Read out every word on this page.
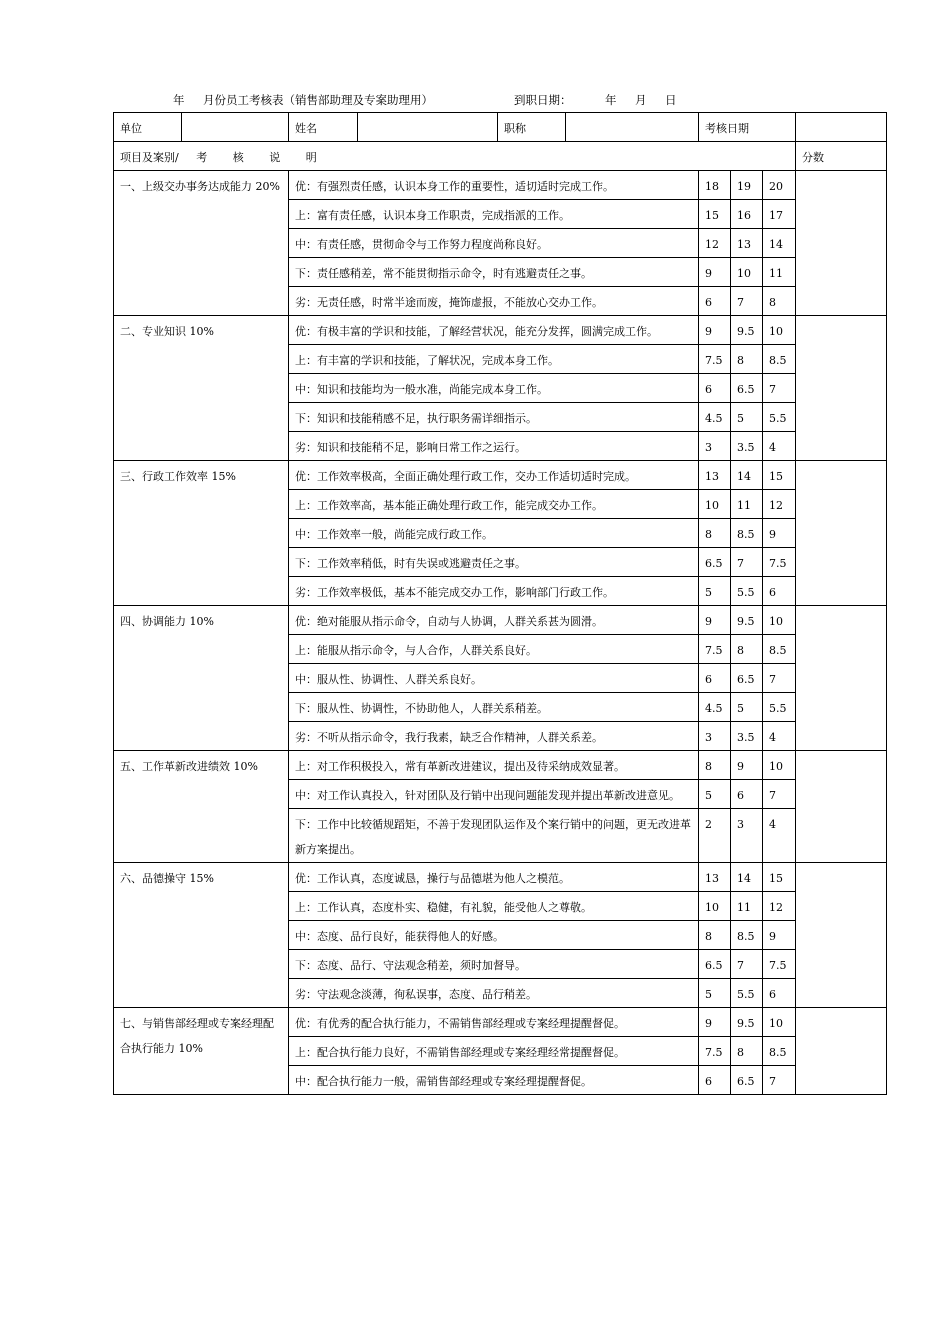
年

月份员工考核表（销售部助理及专案助理用）

	到职日期：

	年

月

日

单位		姓名		职称		考核日期			
项目及案别/ 考 核 说 明									分数
一、上级交办事务达成能力 20%		优：有强烈责任感，认识本身工作的重要性，适切适时完成工作。				18	19	20	
		上：富有责任感，认识本身工作职责，完成指派的工作。				15	16	17	
		中：有责任感，贯彻命令与工作努力程度尚称良好。				12	13	14	
		下：责任感稍差，常不能贯彻指示命令，时有逃避责任之事。				9	10	11	
		劣：无责任感，时常半途而废，掩饰虚报，不能放心交办工作。				6	7	8	
二、专业知识 10%		优：有极丰富的学识和技能，了解经营状况，能充分发挥，圆满完成工作。				9	9.5	10	
		上：有丰富的学识和技能，了解状况，完成本身工作。				7.5	8	8.5	
		中：知识和技能均为一般水准，尚能完成本身工作。				6	6.5	7	
		下：知识和技能稍感不足，执行职务需详细指示。				4.5	5	5.5	
		劣：知识和技能稍不足，影响日常工作之运行。				3	3.5	4	
三、行政工作效率 15%		优：工作效率极高，全面正确处理行政工作，交办工作适切适时完成。				13	14	15	
		上：工作效率高，基本能正确处理行政工作，能完成交办工作。				10	11	12	
		中：工作效率一般，尚能完成行政工作。				8	8.5	9	
		下：工作效率稍低，时有失误或逃避责任之事。				6.5	7	7.5	
		劣：工作效率极低，基本不能完成交办工作，影响部门行政工作。				5	5.5	6	
四、协调能力 10%		优：绝对能服从指示命令，自动与人协调，人群关系甚为圆滑。				9	9.5	10	
		上：能服从指示命令，与人合作，人群关系良好。				7.5	8	8.5	
		中：服从性、协调性、人群关系良好。				6	6.5	7	
		下：服从性、协调性，不协助他人，人群关系稍差。				4.5	5	5.5	
		劣：不听从指示命令，我行我素，缺乏合作精神，人群关系差。				3	3.5	4	
五、工作革新改进绩效 10%		上：对工作积极投入，常有革新改进建议，提出及待采纳成效显著。				8	9	10	
		中：对工作认真投入，针对团队及行销中出现问题能发现并提出革新改进意见。				5	6	7	
		下：工作中比较循规蹈矩，不善于发现团队运作及个案行销中的问题，更无改进革新方案提出。				2	3	4	
六、品德操守 15%		优：工作认真，态度诚恳，操行与品德堪为他人之模范。				13	14	15	
		上：工作认真，态度朴实、稳健，有礼貌，能受他人之尊敬。				10	11	12	
		中：态度、品行良好，能获得他人的好感。				8	8.5	9	
		下：态度、品行、守法观念稍差，须时加督导。				6.5	7	7.5	
		劣：守法观念淡薄，徇私误事，态度、品行稍差。				5	5.5	6	
七、与销售部经理或专案经理配合执行能力 10%		优：有优秀的配合执行能力，不需销售部经理或专案经理提醒督促。				9	9.5	10	
		上：配合执行能力良好，不需销售部经理或专案经理经常提醒督促。				7.5	8	8.5	
		中：配合执行能力一般，需销售部经理或专案经理提醒督促。				6	6.5	7	
